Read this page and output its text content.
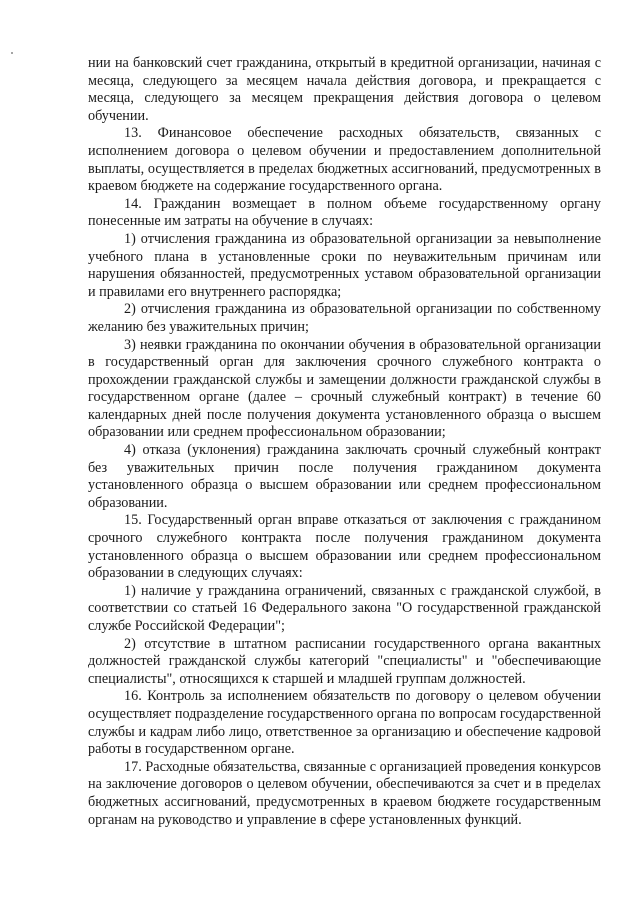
нии на банковский счет гражданина, открытый в кредитной организации, начиная с месяца, следующего за месяцем начала действия договора, и прекращается с месяца, следующего за месяцем прекращения действия договора о целевом обучении.

13. Финансовое обеспечение расходных обязательств, связанных с исполнением договора о целевом обучении и предоставлением дополнительной выплаты, осуществляется в пределах бюджетных ассигнований, предусмотренных в краевом бюджете на содержание государственного органа.

14. Гражданин возмещает в полном объеме государственному органу понесенные им затраты на обучение в случаях:

1) отчисления гражданина из образовательной организации за невыполнение учебного плана в установленные сроки по неуважительным причинам или нарушения обязанностей, предусмотренных уставом образовательной организации и правилами его внутреннего распорядка;

2) отчисления гражданина из образовательной организации по собственному желанию без уважительных причин;

3) неявки гражданина по окончании обучения в образовательной организации в государственный орган для заключения срочного служебного контракта о прохождении гражданской службы и замещении должности гражданской службы в государственном органе (далее – срочный служебный контракт) в течение 60 календарных дней после получения документа установленного образца о высшем образовании или среднем профессиональном образовании;

4) отказа (уклонения) гражданина заключать срочный служебный контракт без уважительных причин после получения гражданином документа установленного образца о высшем образовании или среднем профессиональном образовании.

15. Государственный орган вправе отказаться от заключения с гражданином срочного служебного контракта после получения гражданином документа установленного образца о высшем образовании или среднем профессиональном образовании в следующих случаях:

1) наличие у гражданина ограничений, связанных с гражданской службой, в соответствии со статьей 16 Федерального закона "О государственной гражданской службе Российской Федерации";

2) отсутствие в штатном расписании государственного органа вакантных должностей гражданской службы категорий "специалисты" и "обеспечивающие специалисты", относящихся к старшей и младшей группам должностей.

16. Контроль за исполнением обязательств по договору о целевом обучении осуществляет подразделение государственного органа по вопросам государственной службы и кадрам либо лицо, ответственное за организацию и обеспечение кадровой работы в государственном органе.

17. Расходные обязательства, связанные с организацией проведения конкурсов на заключение договоров о целевом обучении, обеспечиваются за счет и в пределах бюджетных ассигнований, предусмотренных в краевом бюджете государственным органам на руководство и управление в сфере установленных функций.
